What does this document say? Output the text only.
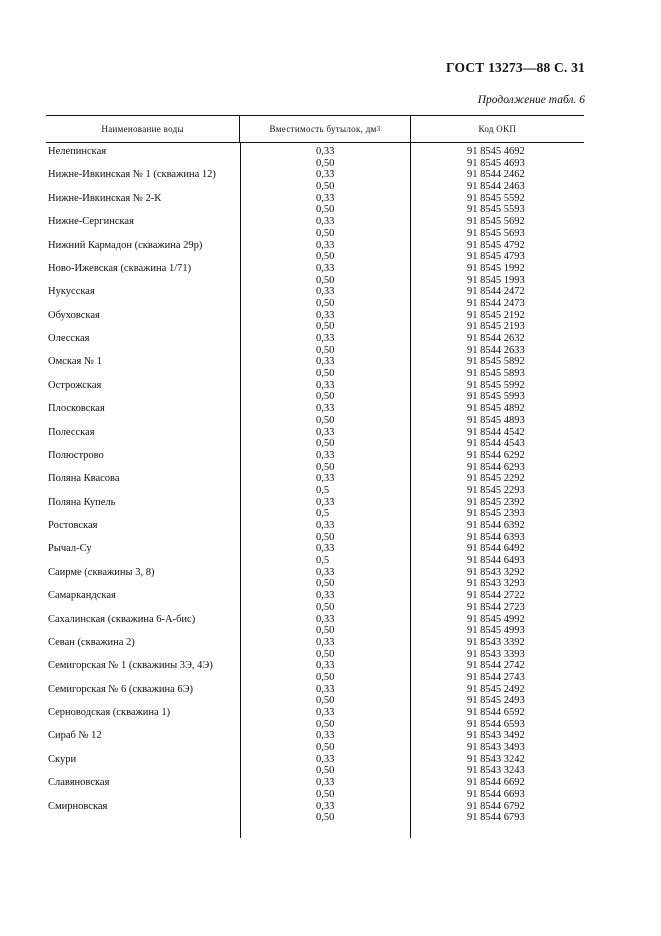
ГОСТ 13273—88 С. 31
Продолжение табл. 6
Наименование воды	Вместимость бутылок, дм 3	Код ОКП
Нелепинская	0,33	91 8545 4692
0,50	91 8545 4693
Нижне-Ивкинская № 1 (скважина 12)	0,33	91 8544 2462
0,50	91 8544 2463
Нижне-Ивкинская № 2-К	0,33	91 8545 5592
0,50	91 8545 5593
Нижне-Сергинская	0,33	91 8545 5692
0,50	91 8545 5693
Нижний Кармадон (скважина 29р)	0,33	91 8545 4792
0,50	91 8545 4793
Ново-Ижевская (скважина 1/71)	0,33	91 8545 1992
0,50	91 8545 1993
Нукусская	0,33	91 8544 2472
0,50	91 8544 2473
Обуховская	0,33	91 8545 2192
0,50	91 8545 2193
Олесская	0,33	91 8544 2632
0,50	91 8544 2633
Омская № 1	0,33	91 8545 5892
0,50	91 8545 5893
Острожская	0,33	91 8545 5992
0,50	91 8545 5993
Плосковская	0,33	91 8545 4892
0,50	91 8545 4893
Полесская	0,33	91 8544 4542
0,50	91 8544 4543
Полюстрово	0,33	91 8544 6292
0,50	91 8544 6293
Поляна Квасова	0,33	91 8545 2292
0,5	91 8545 2293
Поляна Купель	0,33	91 8545 2392
0,5	91 8545 2393
Ростовская	0,33	91 8544 6392
0,50	91 8544 6393
Рычал-Су	0,33	91 8544 6492
0,5	91 8544 6493
Саирме (скважины 3, 8)	0,33	91 8543 3292
0,50	91 8543 3293
Самаркандская	0,33	91 8544 2722
0,50	91 8544 2723
Сахалинская (скважина 6-А-бис)	0,33	91 8545 4992
0,50	91 8545 4993
Севан (скважина 2)	0,33	91 8543 3392
0,50	91 8543 3393
Семигорская № 1 (скважины 3Э, 4Э)	0,33	91 8544 2742
0,50	91 8544 2743
Семигорская № 6 (скважина 6Э)	0,33	91 8545 2492
0,50	91 8545 2493
Серноводская (скважина 1)	0,33	91 8544 6592
0,50	91 8544 6593
Сираб № 12	0,33	91 8543 3492
0,50	91 8543 3493
Скури	0,33	91 8543 3242
0,50	91 8543 3243
Славяновская	0,33	91 8544 6692
0,50	91 8544 6693
Смирновская	0,33	91 8544 6792
0,50	91 8544 6793
